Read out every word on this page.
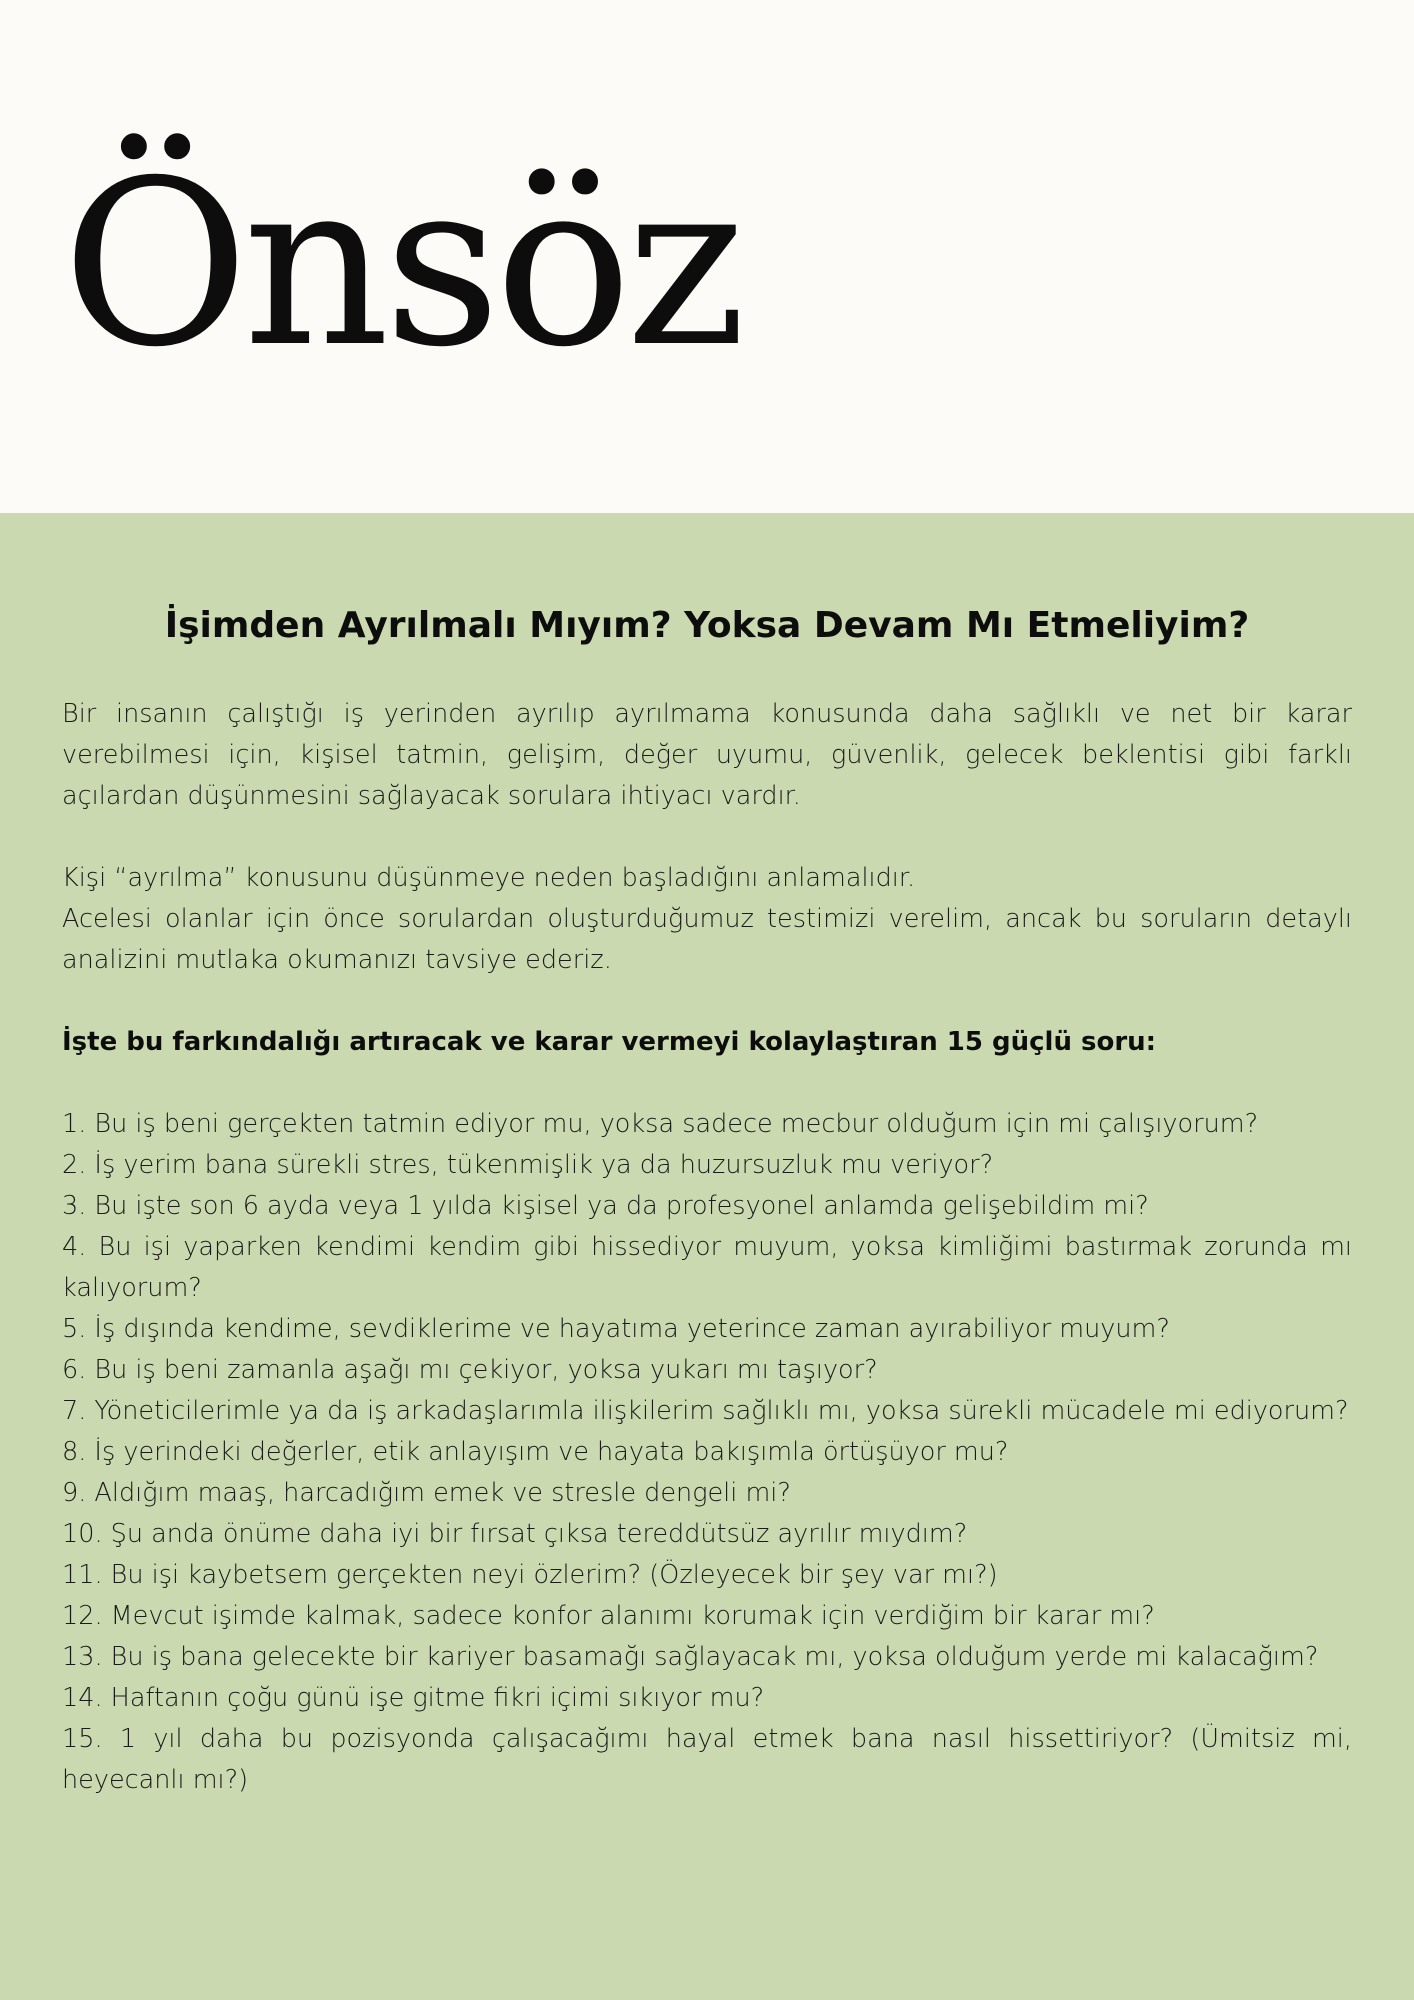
Önsöz
İşimden Ayrılmalı Mıyım? Yoksa Devam Mı Etmeliyim?

Bir insanın çalıştığı iş yerinden ayrılıp ayrılmama konusunda daha sağlıklı ve net bir karar verebilmesi için, kişisel tatmin, gelişim, değer uyumu, güvenlik, gelecek beklentisi gibi farklı açılardan düşünmesini sağlayacak sorulara ihtiyacı vardır.

Kişi “ayrılma” konusunu düşünmeye neden başladığını anlamalıdır.

Acelesi olanlar için önce sorulardan oluşturduğumuz testimizi verelim, ancak bu soruların detaylı analizini mutlaka okumanızı tavsiye ederiz.

İşte bu farkındalığı artıracak ve karar vermeyi kolaylaştıran 15 güçlü soru:

1. Bu iş beni gerçekten tatmin ediyor mu, yoksa sadece mecbur olduğum için mi çalışıyorum?
2. İş yerim bana sürekli stres, tükenmişlik ya da huzursuzluk mu veriyor?
3. Bu işte son 6 ayda veya 1 yılda kişisel ya da profesyonel anlamda gelişebildim mi?
4. Bu işi yaparken kendimi kendim gibi hissediyor muyum, yoksa kimliğimi bastırmak zorunda mı kalıyorum?
5. İş dışında kendime, sevdiklerime ve hayatıma yeterince zaman ayırabiliyor muyum?
6. Bu iş beni zamanla aşağı mı çekiyor, yoksa yukarı mı taşıyor?
7. Yöneticilerimle ya da iş arkadaşlarımla ilişkilerim sağlıklı mı, yoksa sürekli mücadele mi ediyorum?
8. İş yerindeki değerler, etik anlayışım ve hayata bakışımla örtüşüyor mu?
9. Aldığım maaş, harcadığım emek ve stresle dengeli mi?
10. Şu anda önüme daha iyi bir fırsat çıksa tereddütsüz ayrılır mıydım?
11. Bu işi kaybetsem gerçekten neyi özlerim? (Özleyecek bir şey var mı?)
12. Mevcut işimde kalmak, sadece konfor alanımı korumak için verdiğim bir karar mı?
13. Bu iş bana gelecekte bir kariyer basamağı sağlayacak mı, yoksa olduğum yerde mi kalacağım?
14. Haftanın çoğu günü işe gitme fikri içimi sıkıyor mu?
15. 1 yıl daha bu pozisyonda çalışacağımı hayal etmek bana nasıl hissettiriyor? (Ümitsiz mi, heyecanlı mı?)
